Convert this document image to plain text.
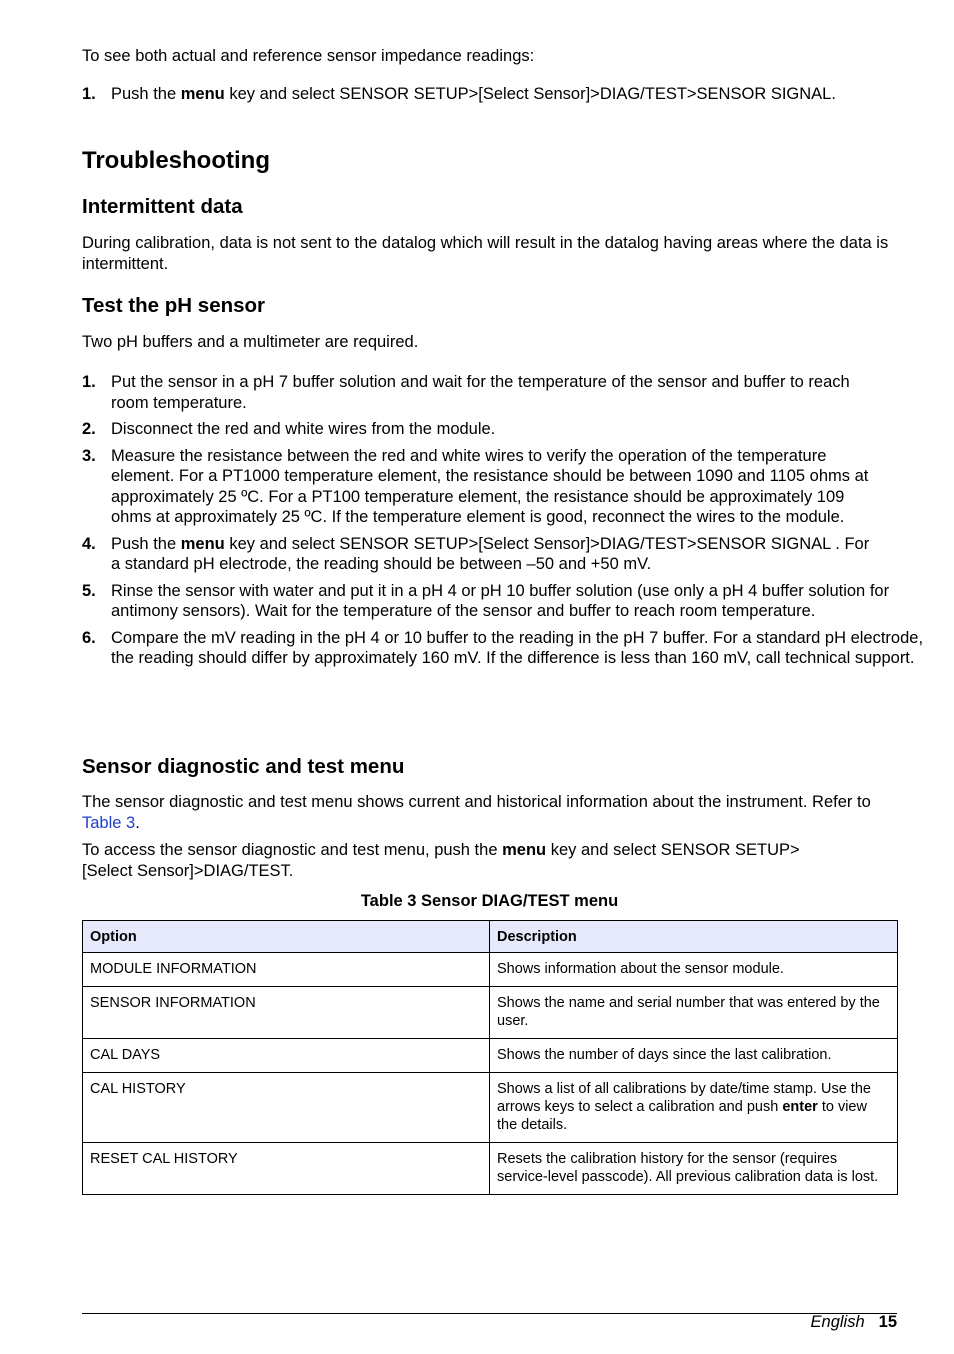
To see both actual and reference sensor impedance readings:

1. Push the menu key and select SENSOR SETUP>[Select Sensor]>DIAG/TEST>SENSOR SIGNAL.
Troubleshooting
Intermittent data

During calibration, data is not sent to the datalog which will result in the datalog having areas where the data is intermittent.

Test the pH sensor

Two pH buffers and a multimeter are required.

1. Put the sensor in a pH 7 buffer solution and wait for the temperature of the sensor and buffer to reach room temperature.
2. Disconnect the red and white wires from the module.
3. Measure the resistance between the red and white wires to verify the operation of the temperature element. For a PT1000 temperature element, the resistance should be between 1090 and 1105 ohms at approximately 25 ºC. For a PT100 temperature element, the resistance should be approximately 109 ohms at approximately 25 ºC. If the temperature element is good, reconnect the wires to the module.
4. Push the menu key and select SENSOR SETUP>[Select Sensor]>DIAG/TEST>SENSOR SIGNAL . For a standard pH electrode, the reading should be between –50 and +50 mV.
5. Rinse the sensor with water and put it in a pH 4 or pH 10 buffer solution (use only a pH 4 buffer solution for antimony sensors). Wait for the temperature of the sensor and buffer to reach room temperature.
6. Compare the mV reading in the pH 4 or 10 buffer to the reading in the pH 7 buffer. For a standard pH electrode, the reading should differ by approximately 160 mV. If the difference is less than 160 mV, call technical support.
Sensor diagnostic and test menu

The sensor diagnostic and test menu shows current and historical information about the instrument. Refer to Table 3.

To access the sensor diagnostic and test menu, push the menu key and select SENSOR SETUP>[Select Sensor]>DIAG/TEST.

Table 3 Sensor DIAG/TEST menu
Option	Description
MODULE INFORMATION	Shows information about the sensor module.
SENSOR INFORMATION	Shows the name and serial number that was entered by the user.
CAL DAYS	Shows the number of days since the last calibration.
CAL HISTORY	Shows a list of all calibrations by date/time stamp. Use the arrows keys to select a calibration and push enter to view the details.
RESET CAL HISTORY	Resets the calibration history for the sensor (requires service-level passcode). All previous calibration data is lost.
English 15
